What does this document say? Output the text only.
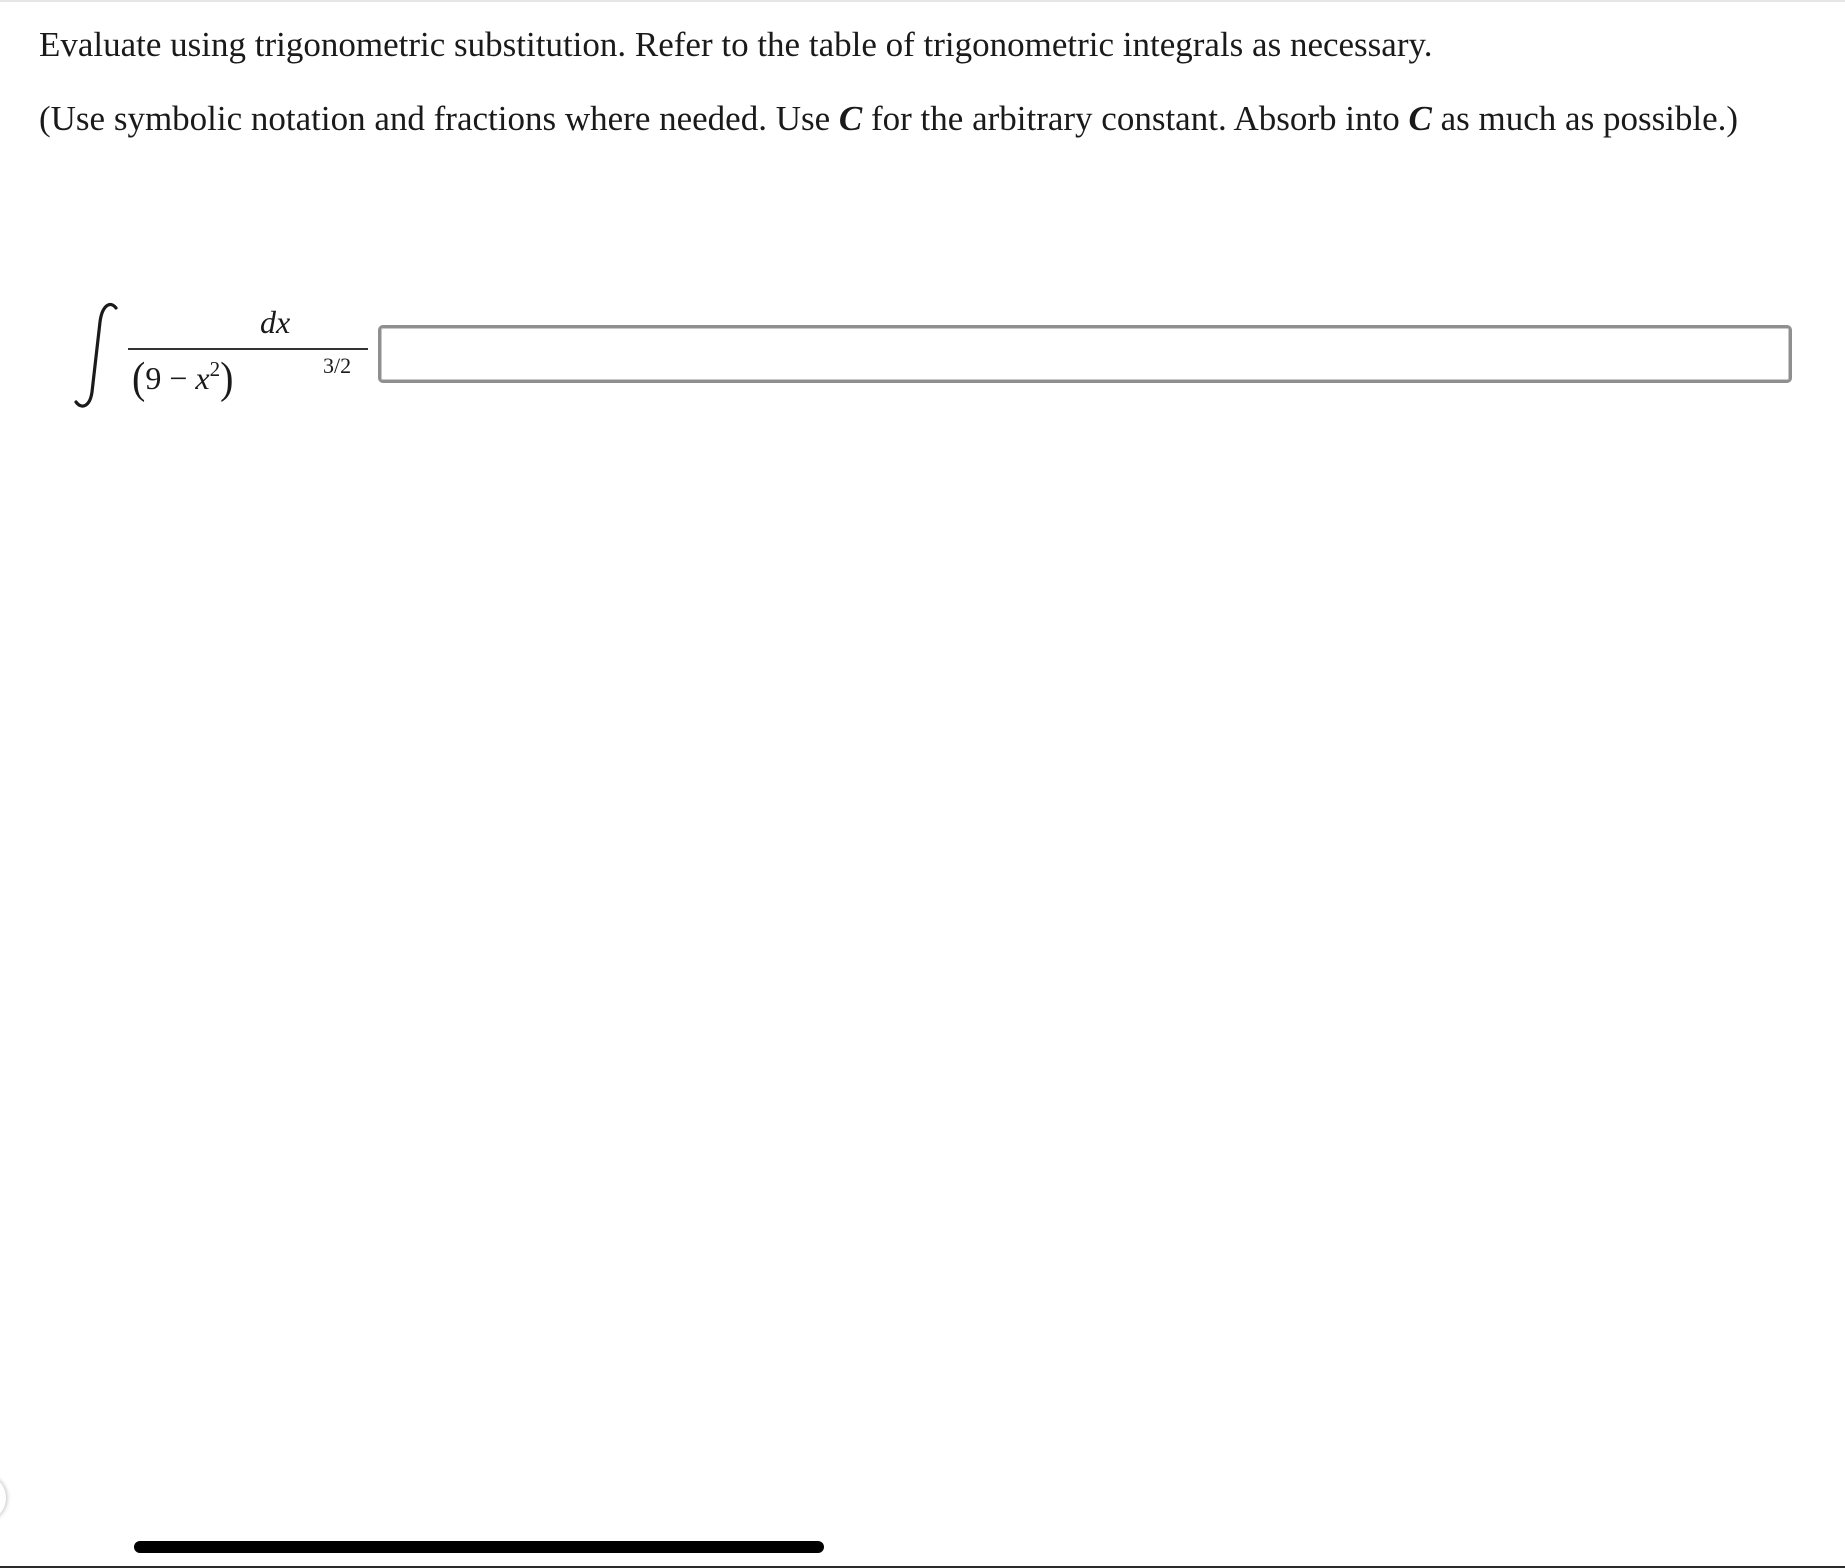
Evaluate using trigonometric substitution. Refer to the table of trigonometric integrals as necessary.
(Use symbolic notation and fractions where needed. Use C for the arbitrary constant. Absorb into C as much as possible.)
dx
$(9 - x^2)$	3/2
